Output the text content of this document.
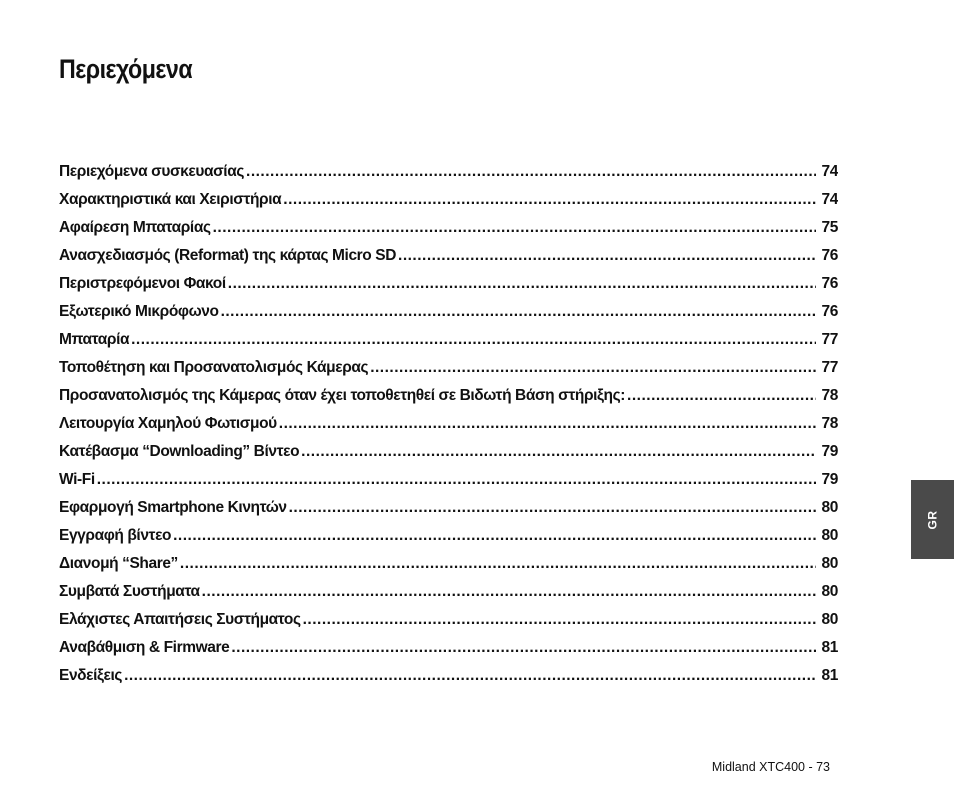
Περιεχόμενα
Περιεχόμενα συσκευασίας .....	74
Χαρακτηριστικά και Χειριστήρια .....	74
Αφαίρεση Μπαταρίας .....	75
Ανασχεδιασμός (Reformat) της κάρτας Micro SD .....	76
Περιστρεφόμενοι Φακοί .....	76
Εξωτερικό Μικρόφωνο .....	76
Μπαταρία .....	77
Τοποθέτηση και Προσανατολισμός Κάμερας .....	77
Προσανατολισμός της Κάμερας όταν έχει τοποθετηθεί σε Βιδωτή Βάση στήριξης: .....	78
Λειτουργία Χαμηλού Φωτισμού .....	78
Κατέβασμα “Downloading” Βίντεο .....	79
Wi-Fi .....	79
Εφαρμογή Smartphone Κινητών .....	80
Εγγραφή βίντεο .....	80
Διανομή “Share” .....	80
Συμβατά Συστήματα .....	80
Ελάχιστες Απαιτήσεις Συστήματος .....	80
Αναβάθμιση & Firmware .....	81
Ενδείξεις .....	81
GR
Midland XTC400 - 73
